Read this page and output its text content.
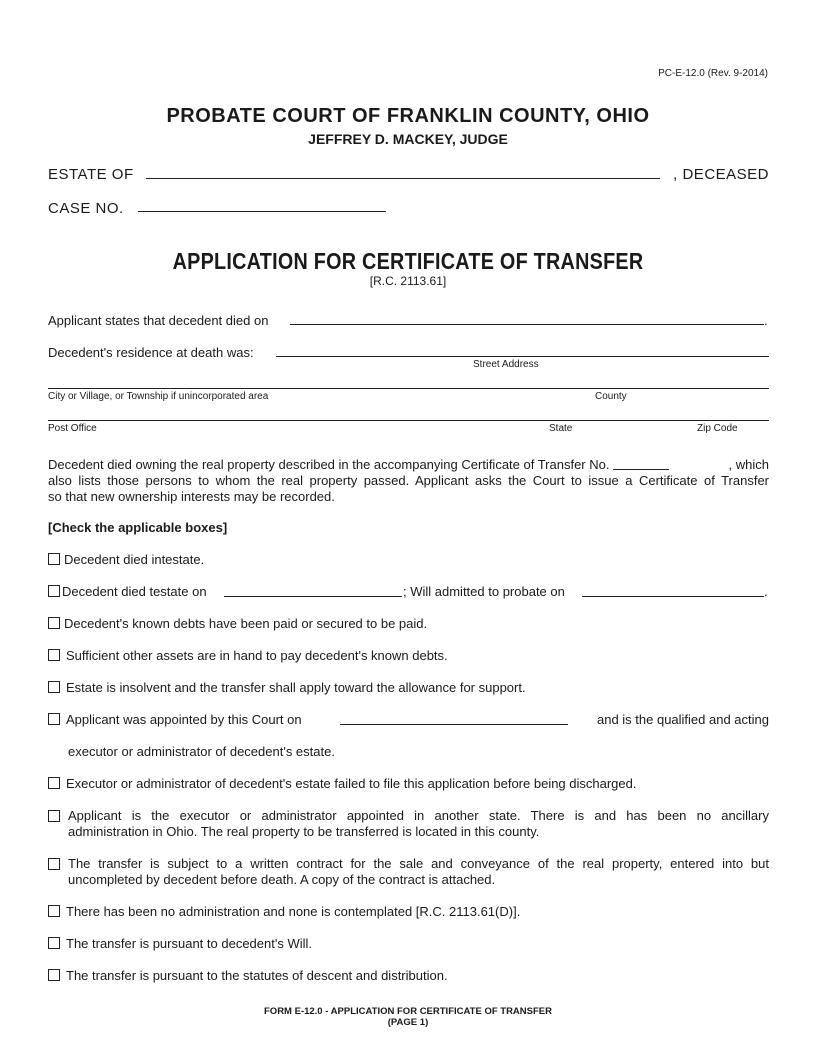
PC-E-12.0 (Rev. 9-2014)
PROBATE COURT OF FRANKLIN COUNTY, OHIO
JEFFREY D. MACKEY, JUDGE
ESTATE OF	, DECEASED
CASE NO.
APPLICATION FOR CERTIFICATE OF TRANSFER
[R.C. 2113.61]
Applicant states that decedent died on	.
Decedent's residence at death was:
Street Address
City or Village, or Township if unincorporated area	County
Post Office	State	Zip Code
Decedent died owning the real property described in the accompanying Certificate of Transfer No.	, which
also lists those persons to whom the real property passed. Applicant asks the Court to issue a Certificate of Transfer
so that new ownership interests may be recorded.
[Check the applicable boxes]
Decedent died intestate.
Decedent died testate on	; Will admitted to probate on	.
Decedent's known debts have been paid or secured to be paid.
Sufficient other assets are in hand to pay decedent's known debts.
Estate is insolvent and the transfer shall apply toward the allowance for support.
Applicant was appointed by this Court on	and is the qualified and acting
executor or administrator of decedent's estate.
Executor or administrator of decedent's estate failed to file this application before being discharged.
Applicant is the executor or administrator appointed in another state. There is and has been no ancillary
administration in Ohio. The real property to be transferred is located in this county.
The transfer is subject to a written contract for the sale and conveyance of the real property, entered into but
uncompleted by decedent before death. A copy of the contract is attached.
There has been no administration and none is contemplated [R.C. 2113.61(D)].
The transfer is pursuant to decedent's Will.
The transfer is pursuant to the statutes of descent and distribution.
FORM E-12.0 - APPLICATION FOR CERTIFICATE OF TRANSFER
(PAGE 1)
